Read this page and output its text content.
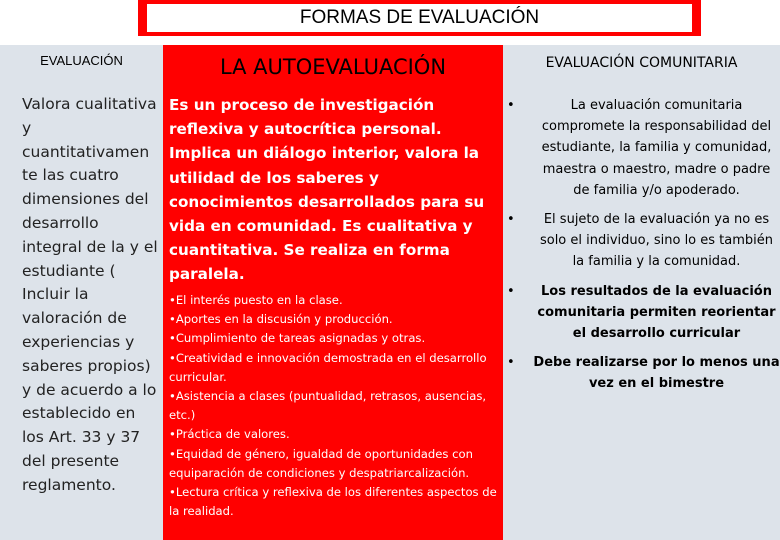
FORMAS DE EVALUACIÓN
EVALUACIÓN
Valora cualitativa y cuantitativamen te las cuatro dimensiones del desarrollo integral de la y el estudiante ( Incluir la valoración de experiencias y saberes propios) y de acuerdo a lo establecido en los Art. 33 y 37 del presente reglamento.
LA AUTOEVALUACIÓN
Es un proceso de investigación reflexiva y autocrítica personal. Implica un diálogo interior, valora la utilidad de los saberes y conocimientos desarrollados para su vida en comunidad. Es cualitativa y cuantitativa. Se realiza en forma paralela.
•El interés puesto en la clase.
•Aportes en la discusión y producción.
•Cumplimiento de tareas asignadas y otras.
•Creatividad e innovación demostrada en el desarrollo curricular.
•Asistencia a clases (puntualidad, retrasos, ausencias, etc.)
•Práctica de valores.
•Equidad de género, igualdad de oportunidades con equiparación de condiciones y despatriarcalización.
•Lectura crítica y reflexiva de los diferentes aspectos de la realidad.
EVALUACIÓN COMUNITARIA
•	La evaluación comunitaria compromete la responsabilidad del estudiante, la familia y comunidad, maestra o maestro, madre o padre de familia y/o apoderado.
• El sujeto de la evaluación ya no es solo el individuo, sino lo es también la familia y la comunidad.
• Los resultados de la evaluación comunitaria permiten reorientar el desarrollo curricular
• Debe realizarse por lo menos una vez en el bimestre
